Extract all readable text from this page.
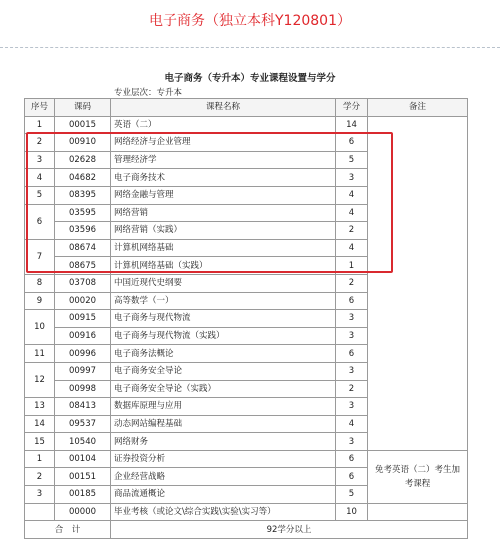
电子商务（独立本科Y120801）
电子商务（专升本）专业课程设置与学分
专业层次：专升本
序号	课码	课程名称	学分	备注
1	00015	英语（二）	14	
2	00910	网络经济与企业管理	6	
3	02628	管理经济学	5	
4	04682	电子商务技术	3	
5	08395	网络金融与管理	4	
6	03595	网络营销	4	
	03596	网络营销（实践）	2	
7	08674	计算机网络基础	4	
	08675	计算机网络基础（实践）	1	
8	03708	中国近现代史纲要	2	
9	00020	高等数学（一）	6	
10	00915	电子商务与现代物流	3	
	00916	电子商务与现代物流（实践）	3	
11	00996	电子商务法概论	6	
12	00997	电子商务安全导论	3	
	00998	电子商务安全导论（实践）	2	
13	08413	数据库原理与应用	3	
14	09537	动态网站编程基础	4	
15	10540	网络财务	3	
1	00104	证券投资分析	6	免考英语（二）考生加考课程
2	00151	企业经营战略	6	
3	00185	商品流通概论	5	
	00000	毕业考核（或论文\综合实践\实验\实习等）	10	
合　计		92学分以上		
